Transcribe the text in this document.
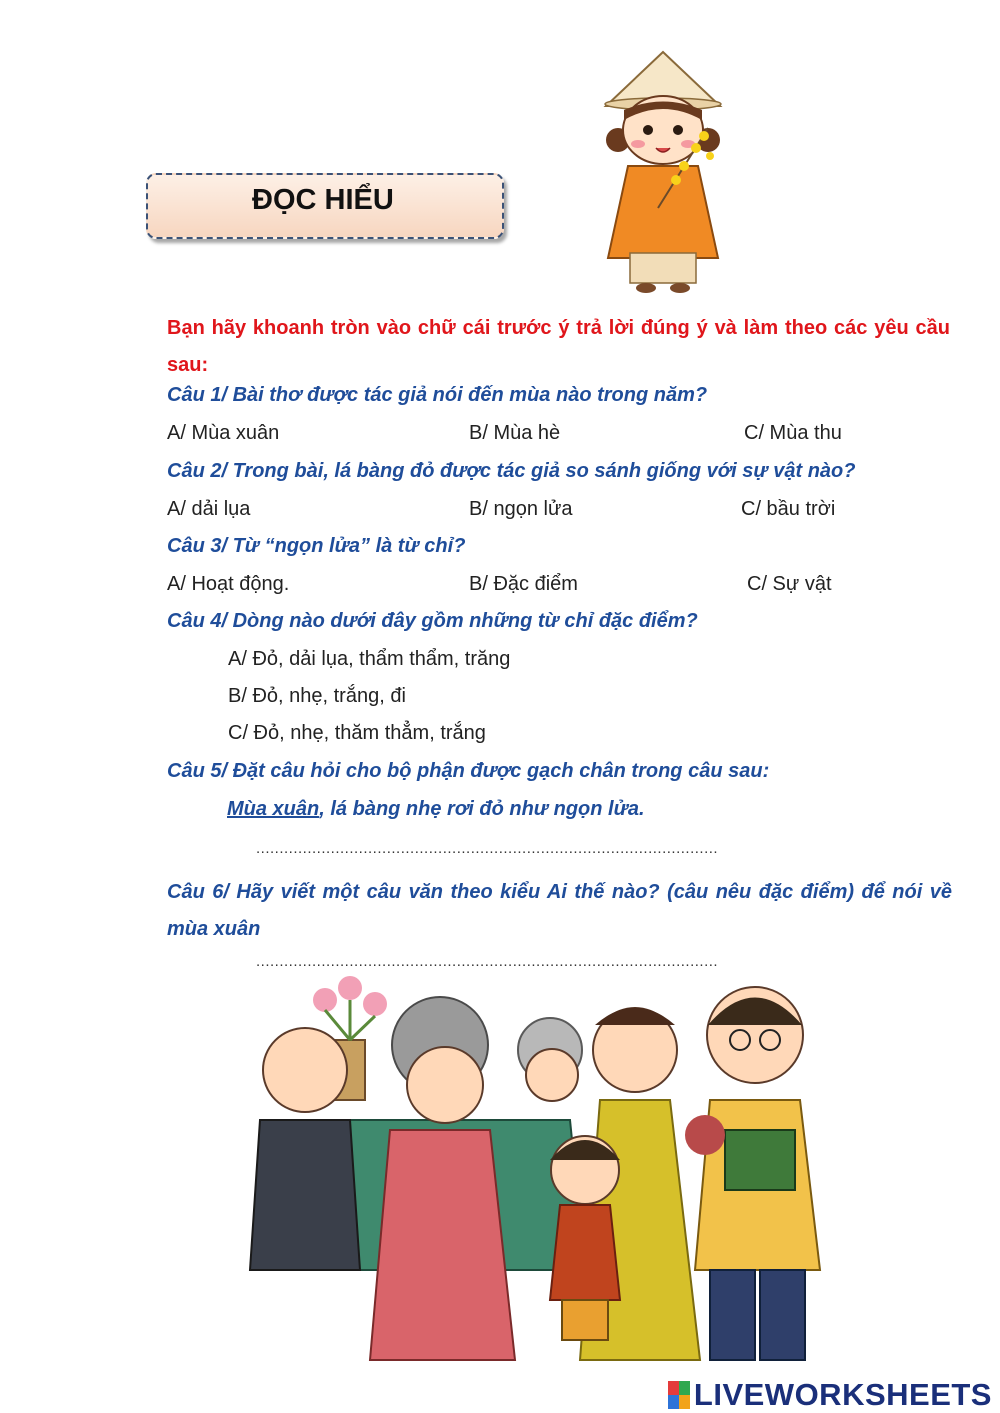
ĐỌC HIỂU
Bạn hãy khoanh tròn vào chữ cái trước ý trả lời đúng ý và làm theo các yêu cầu sau:
Câu 1/ Bài thơ được tác giả nói đến mùa nào trong năm?
A/ Mùa xuân	B/ Mùa hè	C/ Mùa thu
Câu 2/ Trong bài, lá bàng đỏ được tác giả so sánh giống với sự vật nào?
A/ dải lụa	B/ ngọn lửa	C/ bầu trời
Câu 3/ Từ “ngọn lửa” là từ chỉ?
A/ Hoạt động.	B/ Đặc điểm	C/ Sự vật
Câu 4/ Dòng nào dưới đây gồm những từ chỉ đặc điểm?
A/ Đỏ, dải lụa, thẩm thẩm, trăng
B/ Đỏ, nhẹ, trắng, đi
C/ Đỏ, nhẹ, thăm thẳm, trắng
Câu 5/ Đặt câu hỏi cho bộ phận được gạch chân trong câu sau:
Mùa xuân, lá bàng nhẹ rơi đỏ như ngọn lửa.
...................................................................................................
Câu 6/ Hãy viết một câu văn theo kiểu Ai thế nào? (câu nêu đặc điểm) để nói về mùa xuân
...................................................................................................
LIVEWORKSHEETS
